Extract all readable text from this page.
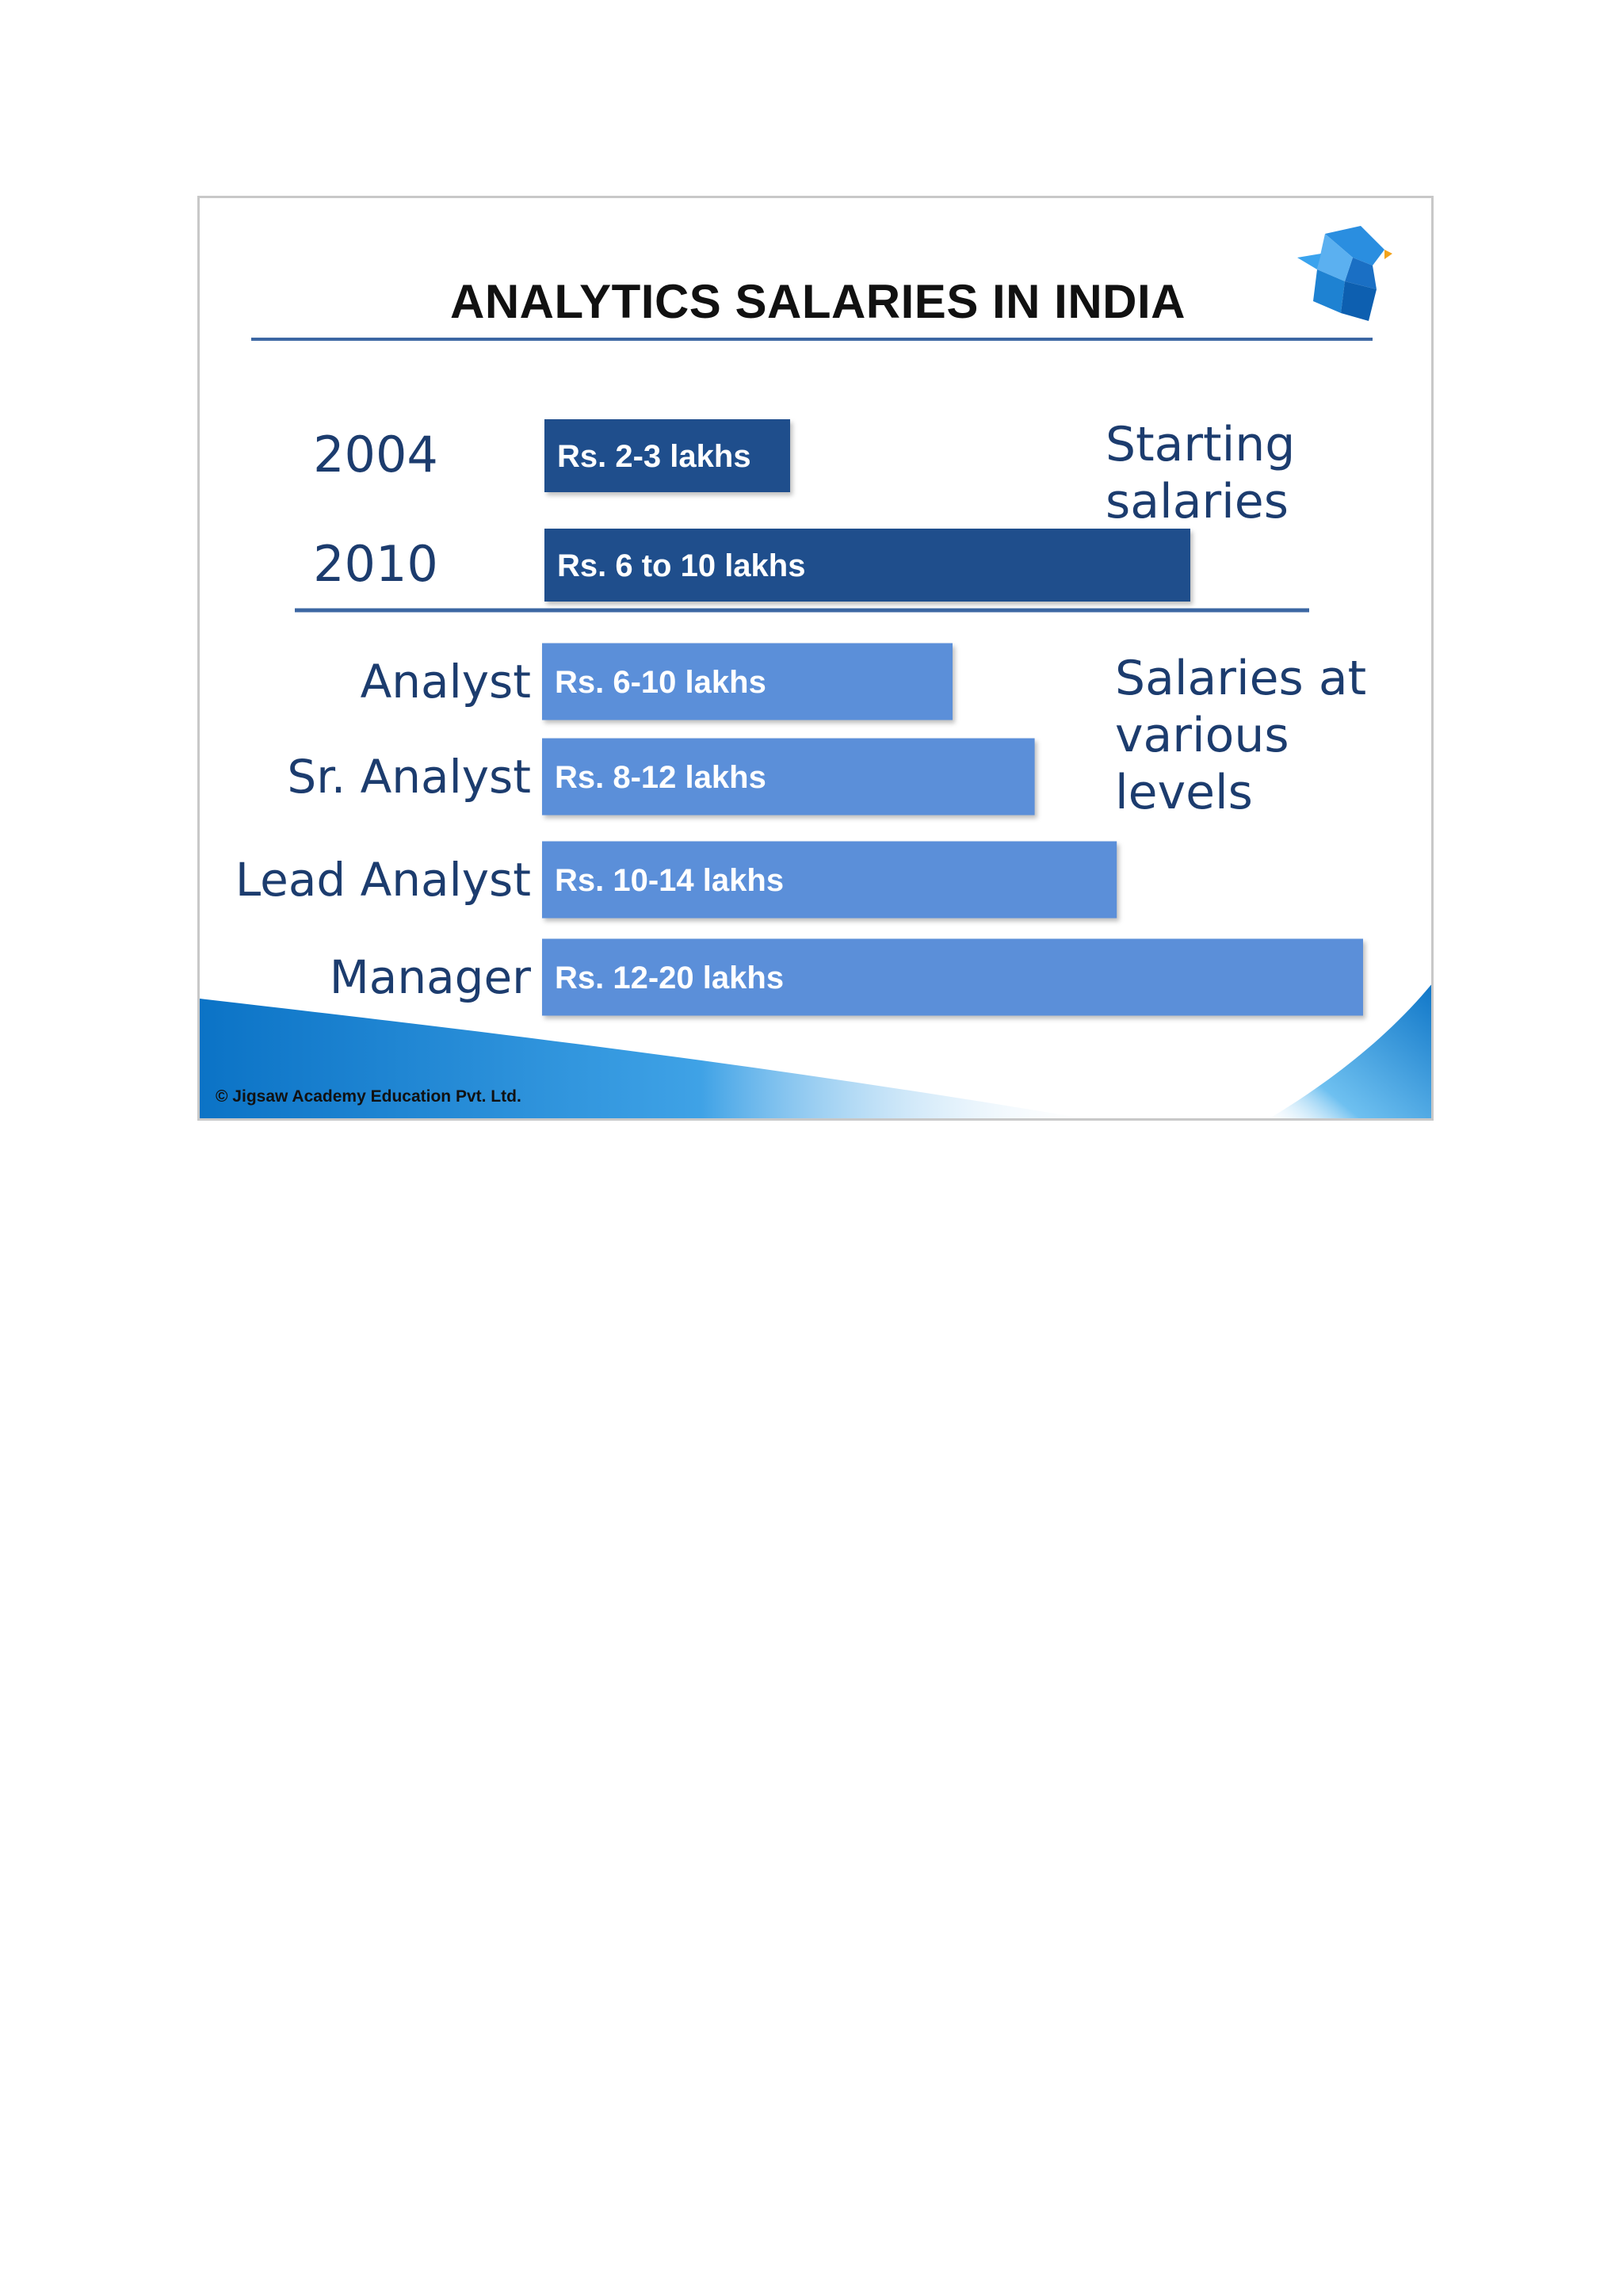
Rs. 2-3 lakhs
2004
Rs. 6 to 10 lakhs
2010
Rs. 6-10 lakhs
Analyst
Rs. 8-12 lakhs
Sr. Analyst
Rs. 10-14 lakhs
Lead Analyst
Rs. 12-20 lakhs
Manager
ANALYTICS SALARIES IN INDIA
Starting
salaries
Salaries at
various
levels
© Jigsaw Academy Education Pvt. Ltd.
